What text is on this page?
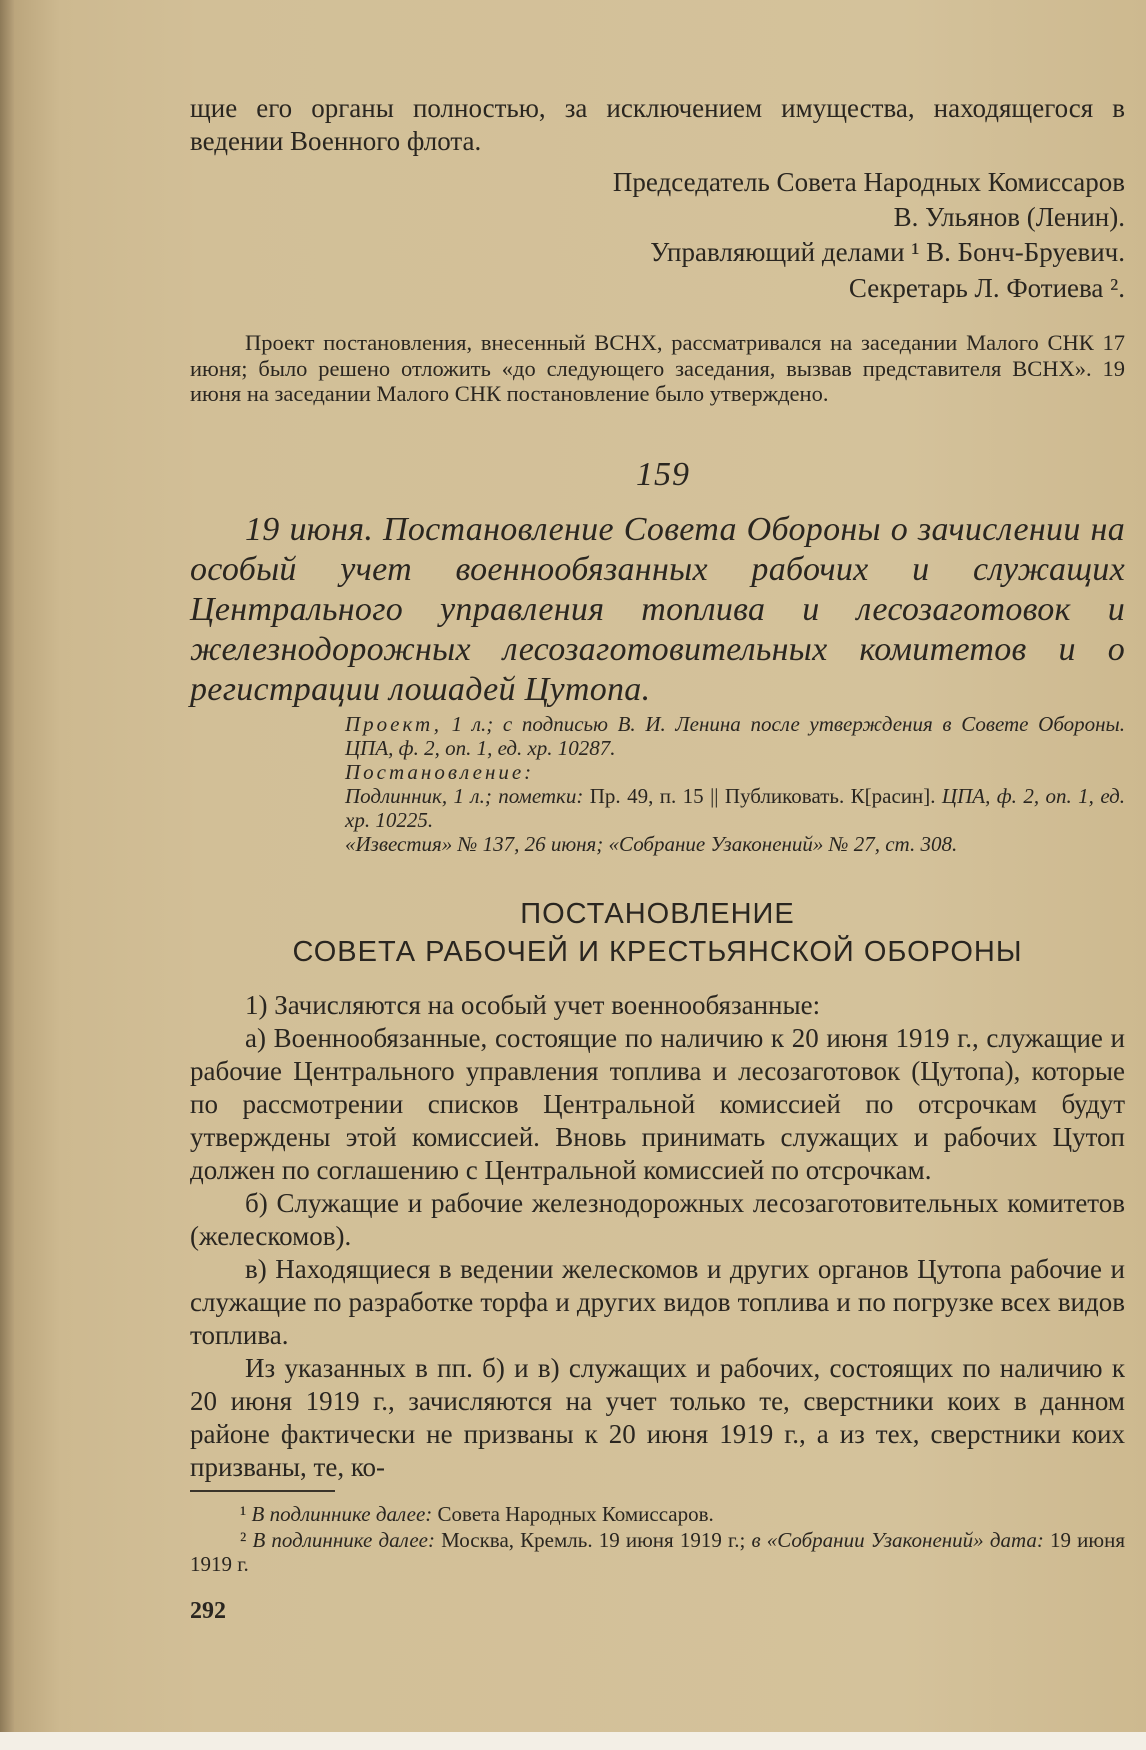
щие его органы полностью, за исключением имущества, находящегося в ведении Военного флота.
Председатель Совета Народных Комиссаров
В. Ульянов (Ленин).
Управляющий делами ¹ В. Бонч-Бруевич.
Секретарь Л. Фотиева ².
Проект постановления, внесенный ВСНХ, рассматривался на заседании Малого СНК 17 июня; было решено отложить «до следующего заседания, вызвав представителя ВСНХ». 19 июня на заседании Малого СНК постановление было утверждено.
159
19 июня. Постановление Совета Обороны о зачислении на особый учет военнообязанных рабочих и служащих Центрального управления топлива и лесозаготовок и железнодорожных лесозаготовительных комитетов и о регистрации лошадей Цутопа.
Проект, 1 л.; с подписью В. И. Ленина после утверждения в Совете Обороны. ЦПА, ф. 2, оп. 1, ед. хр. 10287.
Постановление:
Подлинник, 1 л.; пометки: Пр. 49, п. 15 || Публиковать. К[расин]. ЦПА, ф. 2, оп. 1, ед. хр. 10225.
«Известия» № 137, 26 июня; «Собрание Узаконений» № 27, ст. 308.
ПОСТАНОВЛЕНИЕ
СОВЕТА РАБОЧЕЙ И КРЕСТЬЯНСКОЙ ОБОРОНЫ
1) Зачисляются на особый учет военнообязанные:
а) Военнообязанные, состоящие по наличию к 20 июня 1919 г., служащие и рабочие Центрального управления топлива и лесозаготовок (Цутопа), которые по рассмотрении списков Центральной комиссией по отсрочкам будут утверждены этой комиссией. Вновь принимать служащих и рабочих Цутоп должен по соглашению с Центральной комиссией по отсрочкам.
б) Служащие и рабочие железнодорожных лесозаготовительных комитетов (желескомов).
в) Находящиеся в ведении желескомов и других органов Цутопа рабочие и служащие по разработке торфа и других видов топлива и по погрузке всех видов топлива.
Из указанных в пп. б) и в) служащих и рабочих, состоящих по наличию к 20 июня 1919 г., зачисляются на учет только те, сверстники коих в данном районе фактически не призваны к 20 июня 1919 г., а из тех, сверстники коих призваны, те, ко-
¹ В подлиннике далее: Совета Народных Комиссаров.
² В подлиннике далее: Москва, Кремль. 19 июня 1919 г.; в «Собрании Узаконений» дата: 19 июня 1919 г.
292
